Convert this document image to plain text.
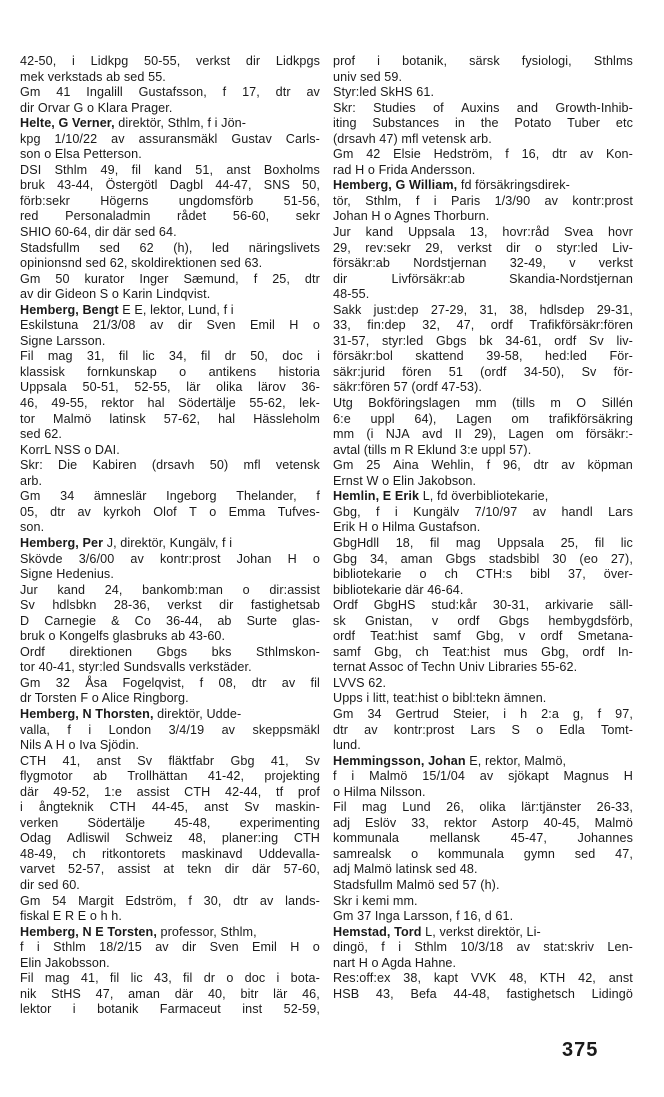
42-50, i Lidkpg 50-55, verkst dir Lidkpgs
mek verkstads ab sed 55.
Gm 41 Ingalill Gustafsson, f 17, dtr av
dir Orvar G o Klara Prager.
Helte, G Verner, direktör, Sthlm, f i Jön-
kpg 1/10/22 av assuransmäkl Gustav Carls-
son o Elsa Petterson.
DSI Sthlm 49, fil kand 51, anst Boxholms
bruk 43-44, Östergötl Dagbl 44-47, SNS 50,
förb:sekr Högerns ungdomsförb 51-56,
red Personaladmin rådet 56-60, sekr
SHIO 60-64, dir där sed 64.
Stadsfullm sed 62 (h), led näringslivets
opinionsnd sed 62, skoldirektionen sed 63.
Gm 50 kurator Inger Sæmund, f 25, dtr
av dir Gideon S o Karin Lindqvist.
Hemberg, Bengt E E, lektor, Lund, f i
Eskilstuna 21/3/08 av dir Sven Emil H o
Signe Larsson.
Fil mag 31, fil lic 34, fil dr 50, doc i
klassisk fornkunskap o antikens historia
Uppsala 50-51, 52-55, lär olika lärov 36-
46, 49-55, rektor hal Södertälje 55-62, lek-
tor Malmö latinsk 57-62, hal Hässleholm
sed 62.
KorrL NSS o DAI.
Skr: Die Kabiren (drsavh 50) mfl vetensk
arb.
Gm 34 ämneslär Ingeborg Thelander, f
05, dtr av kyrkoh Olof T o Emma Tufves-
son.
Hemberg, Per J, direktör, Kungälv, f i
Skövde 3/6/00 av kontr:prost Johan H o
Signe Hedenius.
Jur kand 24, bankomb:man o dir:assist
Sv hdlsbkn 28-36, verkst dir fastighetsab
D Carnegie & Co 36-44, ab Surte glas-
bruk o Kongelfs glasbruks ab 43-60.
Ordf direktionen Gbgs bks Sthlmskon-
tor 40-41, styr:led Sundsvalls verkstäder.
Gm 32 Åsa Fogelqvist, f 08, dtr av fil
dr Torsten F o Alice Ringborg.
Hemberg, N Thorsten, direktör, Udde-
valla, f i London 3/4/19 av skeppsmäkl
Nils A H o Iva Sjödin.
CTH 41, anst Sv fläktfabr Gbg 41, Sv
flygmotor ab Trollhättan 41-42, projekting
där 49-52, 1:e assist CTH 42-44, tf prof
i ångteknik CTH 44-45, anst Sv maskin-
verken Södertälje 45-48, experimenting
Odag Adliswil Schweiz 48, planer:ing CTH
48-49, ch ritkontorets maskinavd Uddevalla-
varvet 52-57, assist at tekn dir där 57-60,
dir sed 60.
Gm 54 Margit Edström, f 30, dtr av lands-
fiskal E R E o h h.
Hemberg, N E Torsten, professor, Sthlm,
f i Sthlm 18/2/15 av dir Sven Emil H o
Elin Jakobsson.
Fil mag 41, fil lic 43, fil dr o doc i bota-
nik StHS 47, aman där 40, bitr lär 46,
lektor i botanik Farmaceut inst 52-59,
prof i botanik, särsk fysiologi, Sthlms
univ sed 59.
Styr:led SkHS 61.
Skr: Studies of Auxins and Growth-Inhib-
iting Substances in the Potato Tuber etc
(drsavh 47) mfl vetensk arb.
Gm 42 Elsie Hedström, f 16, dtr av Kon-
rad H o Frida Andersson.
Hemberg, G William, fd försäkringsdirek-
tör, Sthlm, f i Paris 1/3/90 av kontr:prost
Johan H o Agnes Thorburn.
Jur kand Uppsala 13, hovr:råd Svea hovr
29, rev:sekr 29, verkst dir o styr:led Liv-
försäkr:ab Nordstjernan 32-49, v verkst
dir	Livförsäkr:ab	Skandia-Nordstjernan
48-55.
Sakk just:dep 27-29, 31, 38, hdlsdep 29-31,
33, fin:dep 32, 47, ordf Trafikförsäkr:fören
31-57, styr:led Gbgs bk 34-61, ordf Sv liv-
försäkr:bol skattend 39-58, hed:led För-
säkr:jurid fören 51 (ordf 34-50), Sv för-
säkr:fören 57 (ordf 47-53).
Utg Bokföringslagen mm (tills m O Sillén
6:e uppl 64), Lagen om trafikförsäkring
mm (i NJA avd II 29), Lagen om försäkr:-
avtal (tills m R Eklund 3:e uppl 57).
Gm 25 Aina Wehlin, f 96, dtr av köpman
Ernst W o Elin Jakobson.
Hemlin, E Erik L, fd överbibliotekarie,
Gbg, f i Kungälv 7/10/97 av handl Lars
Erik H o Hilma Gustafson.
GbgHdll 18, fil mag Uppsala 25, fil lic
Gbg 34, aman Gbgs stadsbibl 30 (eo 27),
bibliotekarie o ch CTH:s bibl 37, över-
bibliotekarie där 46-64.
Ordf GbgHS stud:kår 30-31, arkivarie säll-
sk Gnistan, v ordf Gbgs hembygdsförb,
ordf Teat:hist samf Gbg, v ordf Smetana-
samf Gbg, ch Teat:hist mus Gbg, ordf In-
ternat Assoc of Techn Univ Libraries 55-62.
LVVS 62.
Upps i litt, teat:hist o bibl:tekn ämnen.
Gm 34 Gertrud Steier, i h 2:a g, f 97,
dtr av kontr:prost Lars S o Edla Tomt-
lund.
Hemmingsson, Johan E, rektor, Malmö,
f i Malmö 15/1/04 av sjökapt Magnus H
o Hilma Nilsson.
Fil mag Lund 26, olika lär:tjänster 26-33,
adj Eslöv 33, rektor Astorp 40-45, Malmö
kommunala mellansk 45-47, Johannes
samrealsk o kommunala gymn sed 47,
adj Malmö latinsk sed 48.
Stadsfullm Malmö sed 57 (h).
Skr i kemi mm.
Gm 37 Inga Larsson, f 16, d 61.
Hemstad, Tord L, verkst direktör, Li-
dingö, f i Sthlm 10/3/18 av stat:skriv Len-
nart H o Agda Hahne.
Res:off:ex 38, kapt VVK 48, KTH 42, anst
HSB 43, Befa 44-48, fastighetsch Lidingö
375
